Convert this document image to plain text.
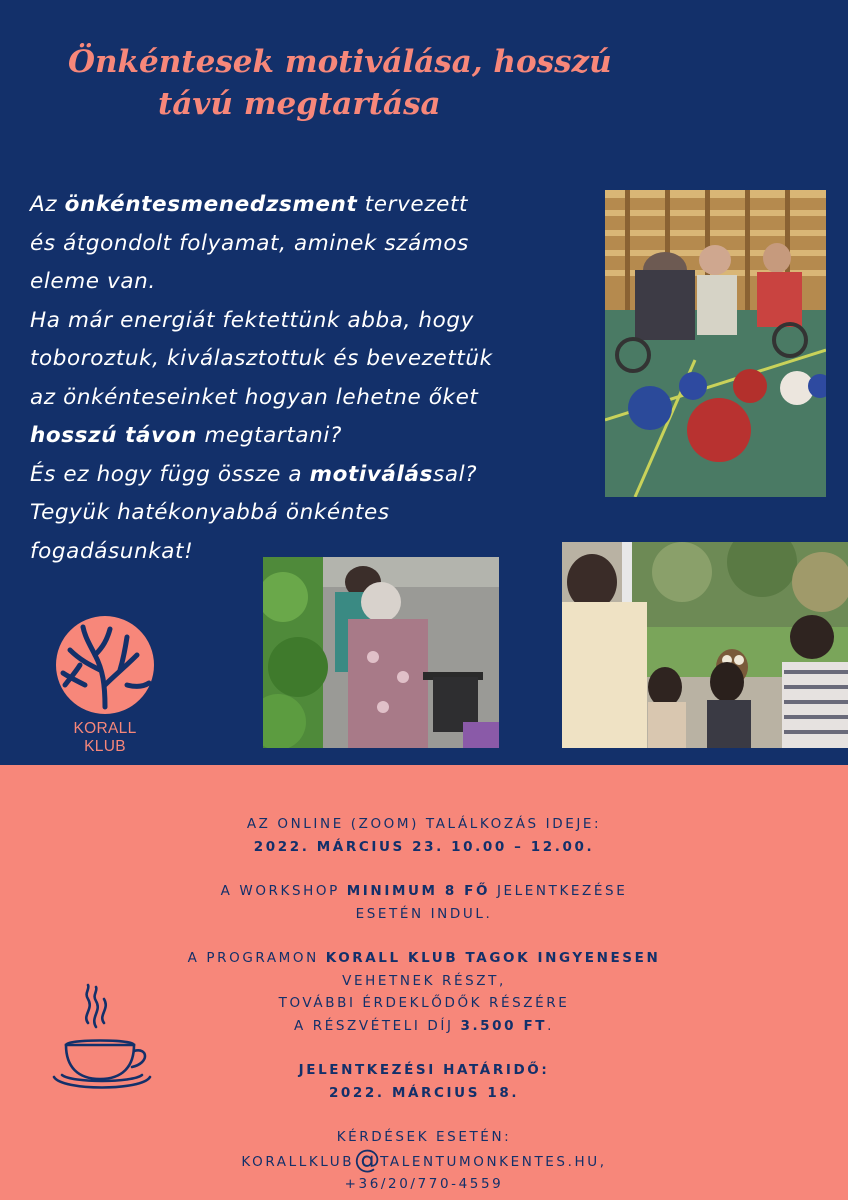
Önkéntesek motiválása, hosszú
távú megtartása
Az önkéntesmenedzsment tervezett
és átgondolt folyamat, aminek számos
eleme van.
Ha már energiát fektettünk abba, hogy
toboroztuk, kiválasztottuk és bevezettük
az önkénteseinket hogyan lehetne őket
hosszú távon megtartani?
És ez hogy függ össze a motiválással?
Tegyük hatékonyabbá önkéntes
fogadásunkat!
KORALL KLUB

AZ ONLINE (ZOOM) TALÁLKOZÁS IDEJE:

2022. MÁRCIUS 23. 10.00 – 12.00.

A WORKSHOP MINIMUM 8 FŐ JELENTKEZÉSE

ESETÉN INDUL.

A PROGRAMON KORALL KLUB TAGOK INGYENESEN

VEHETNEK RÉSZT,

TOVÁBBI ÉRDEKLŐDŐK RÉSZÉRE

A RÉSZVÉTELI DÍJ 3.500 FT.

JELENTKEZÉSI HATÁRIDŐ:

2022. MÁRCIUS 18.

KÉRDÉSEK ESETÉN:

KORALLKLUB@TALENTUMONKENTES.HU,

+36/20/770-4559
